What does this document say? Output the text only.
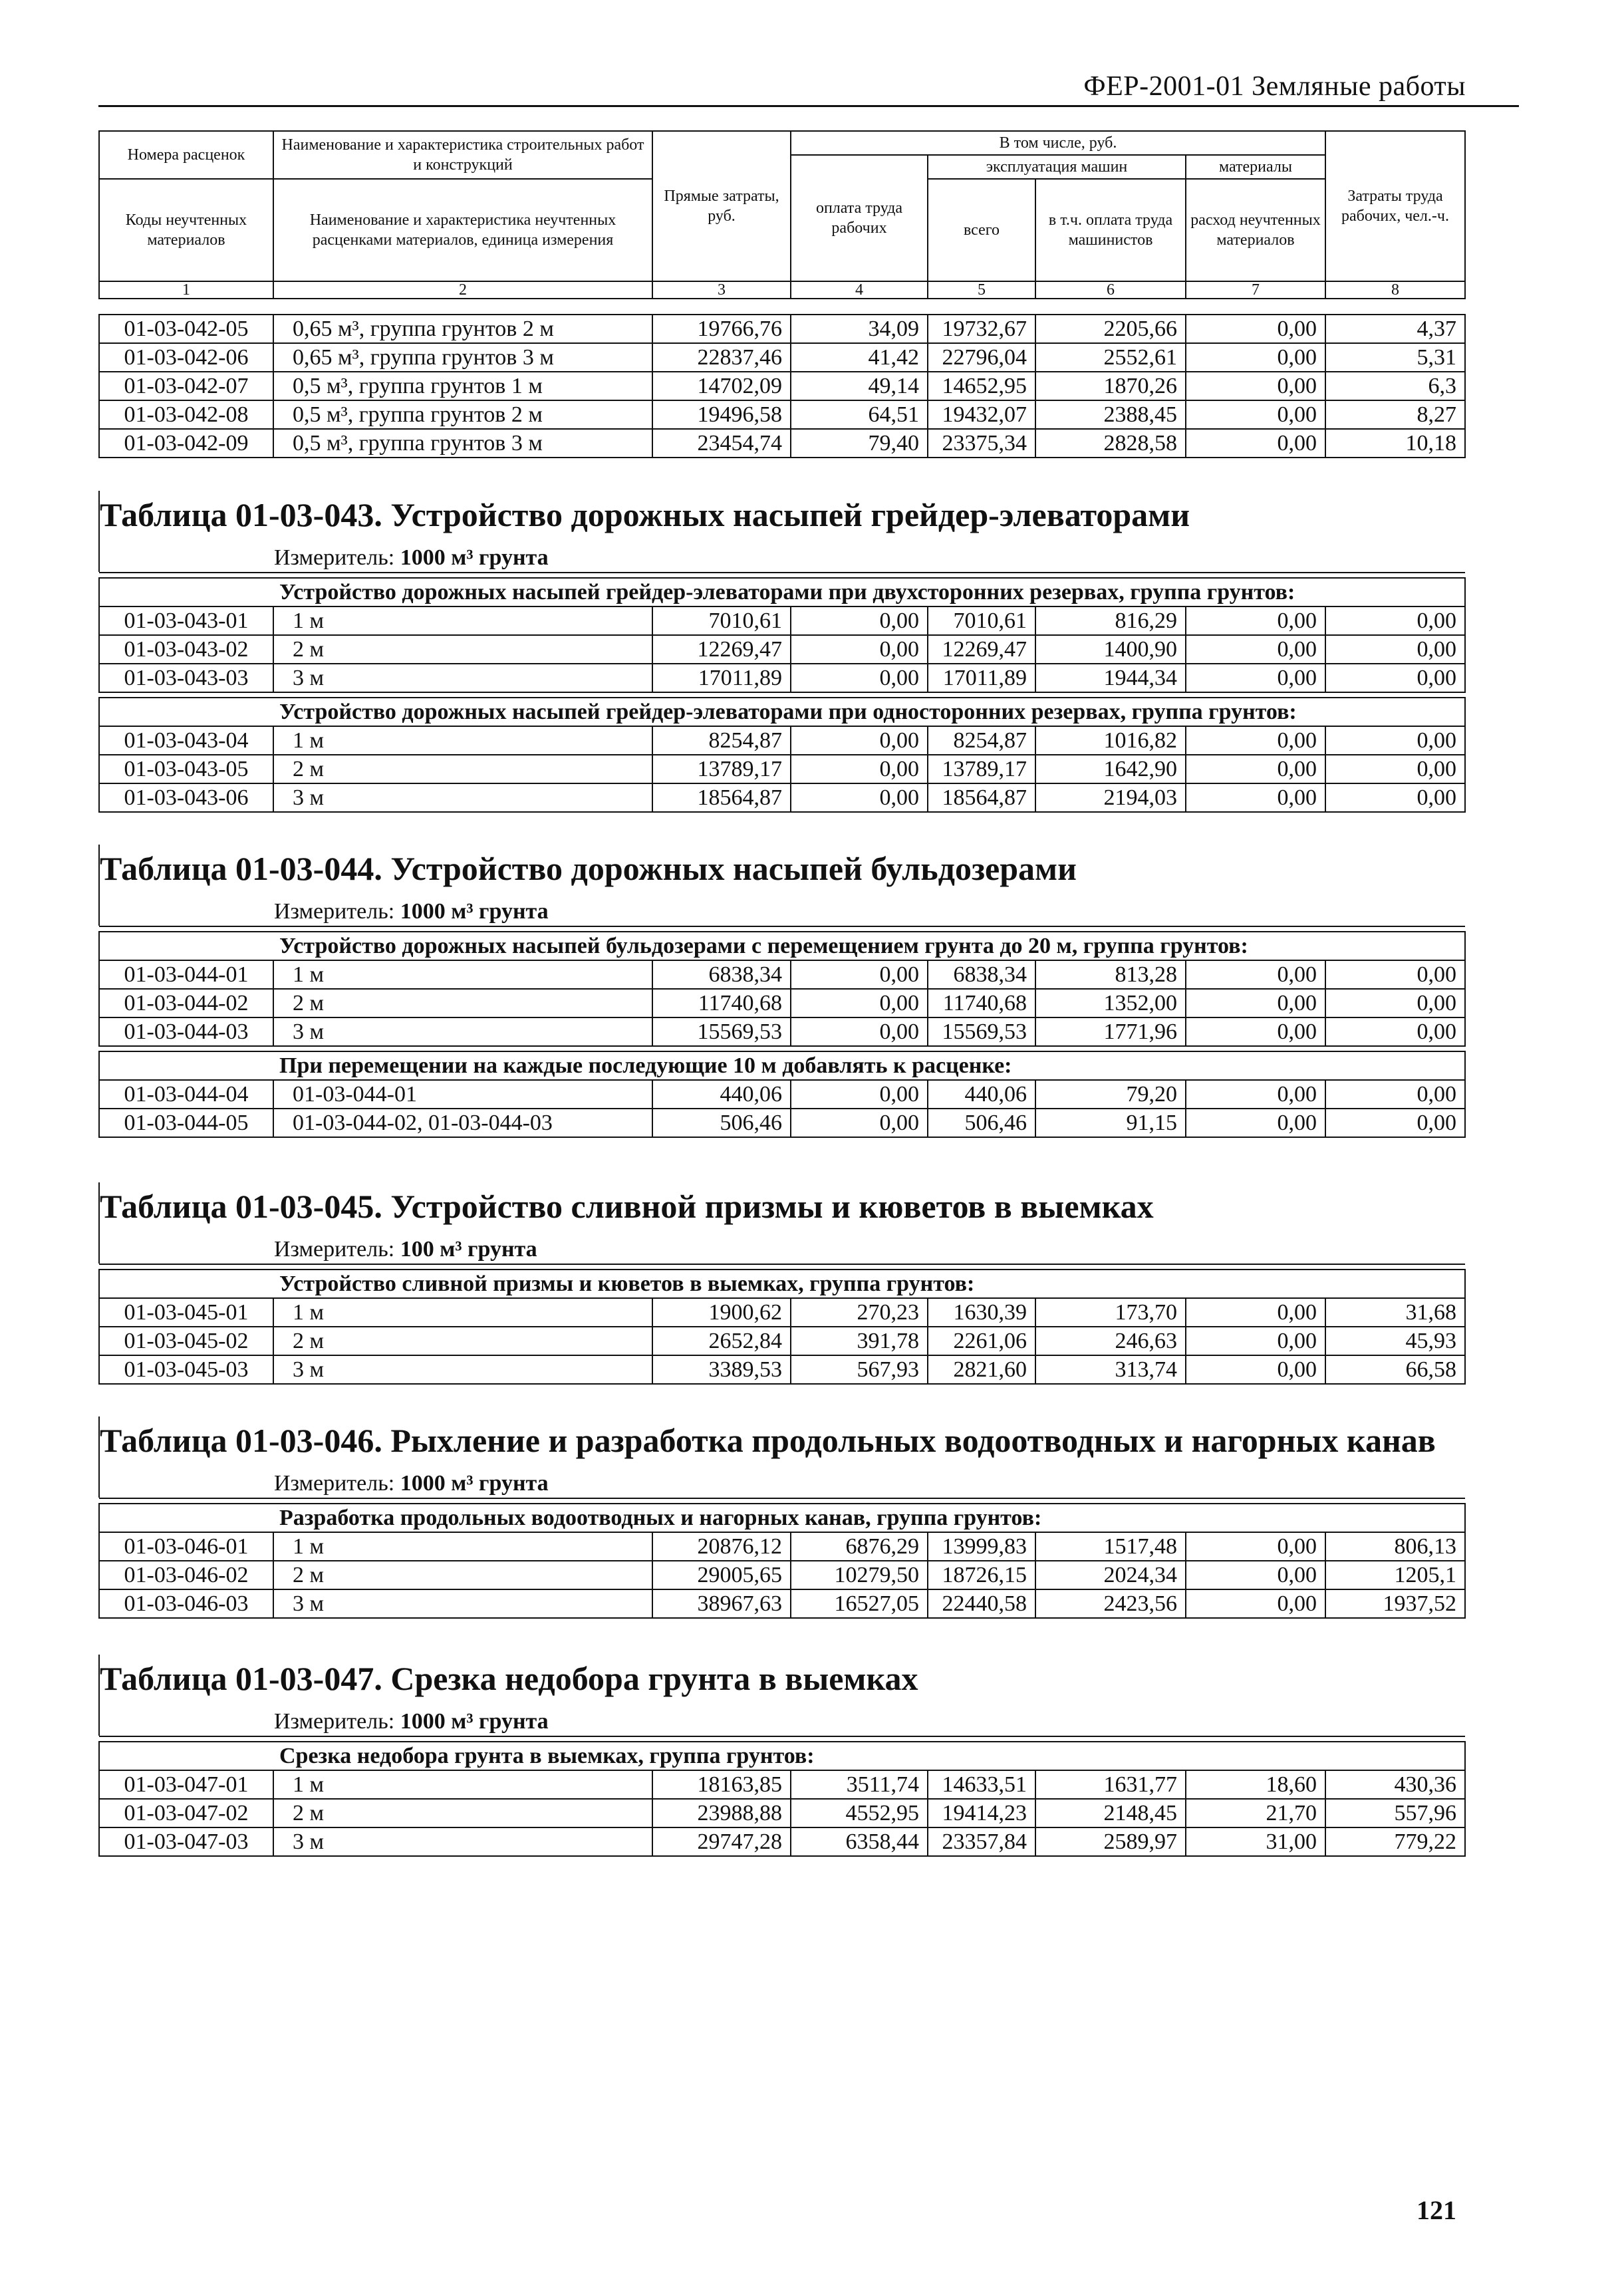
ФЕР-2001-01 Земляные работы
Номера расценок	Наименование и характеристика строительных работ и конструкций	Прямые затраты, руб.	В том числе, руб.				Затраты труда рабочих, чел.-ч.
			оплата труда рабочих	эксплуатация машин		материалы	
Коды неучтенных материалов	Наименование и характеристика неучтенных расценками материалов, единица измерения			всего	в т.ч. оплата труда машинистов	расход неучтенных материалов	

1	2	3	4	5	6	7	8
01-03-042-05	0,65 м³, группа грунтов 2 м	19766,76	34,09	19732,67	2205,66	0,00	4,37
01-03-042-06	0,65 м³, группа грунтов 3 м	22837,46	41,42	22796,04	2552,61	0,00	5,31
01-03-042-07	0,5 м³, группа грунтов 1 м	14702,09	49,14	14652,95	1870,26	0,00	6,3
01-03-042-08	0,5 м³, группа грунтов 2 м	19496,58	64,51	19432,07	2388,45	0,00	8,27
01-03-042-09	0,5 м³, группа грунтов 3 м	23454,74	79,40	23375,34	2828,58	0,00	10,18
Таблица 01-03-043. Устройство дорожных насыпей грейдер-элеваторами
Измеритель: 1000 м³ грунта

Устройство дорожных насыпей грейдер-элеваторами при двухсторонних резервах, группа грунтов:							
01-03-043-01	1 м	7010,61	0,00	7010,61	816,29	0,00	0,00
01-03-043-02	2 м	12269,47	0,00	12269,47	1400,90	0,00	0,00
01-03-043-03	3 м	17011,89	0,00	17011,89	1944,34	0,00	0,00

Устройство дорожных насыпей грейдер-элеваторами при односторонних резервах, группа грунтов:							
01-03-043-04	1 м	8254,87	0,00	8254,87	1016,82	0,00	0,00
01-03-043-05	2 м	13789,17	0,00	13789,17	1642,90	0,00	0,00
01-03-043-06	3 м	18564,87	0,00	18564,87	2194,03	0,00	0,00
Таблица 01-03-044. Устройство дорожных насыпей бульдозерами
Измеритель: 1000 м³ грунта

Устройство дорожных насыпей бульдозерами с перемещением грунта до 20 м, группа грунтов:							
01-03-044-01	1 м	6838,34	0,00	6838,34	813,28	0,00	0,00
01-03-044-02	2 м	11740,68	0,00	11740,68	1352,00	0,00	0,00
01-03-044-03	3 м	15569,53	0,00	15569,53	1771,96	0,00	0,00

При перемещении на каждые последующие 10 м добавлять к расценке:							
01-03-044-04	01-03-044-01	440,06	0,00	440,06	79,20	0,00	0,00
01-03-044-05	01-03-044-02, 01-03-044-03	506,46	0,00	506,46	91,15	0,00	0,00
Таблица 01-03-045. Устройство сливной призмы и кюветов в выемках
Измеритель: 100 м³ грунта

Устройство сливной призмы и кюветов в выемках, группа грунтов:							
01-03-045-01	1 м	1900,62	270,23	1630,39	173,70	0,00	31,68
01-03-045-02	2 м	2652,84	391,78	2261,06	246,63	0,00	45,93
01-03-045-03	3 м	3389,53	567,93	2821,60	313,74	0,00	66,58
Таблица 01-03-046. Рыхление и разработка продольных водоотводных и нагорных канав
Измеритель: 1000 м³ грунта

Разработка продольных водоотводных и нагорных канав, группа грунтов:							
01-03-046-01	1 м	20876,12	6876,29	13999,83	1517,48	0,00	806,13
01-03-046-02	2 м	29005,65	10279,50	18726,15	2024,34	0,00	1205,1
01-03-046-03	3 м	38967,63	16527,05	22440,58	2423,56	0,00	1937,52
Таблица 01-03-047. Срезка недобора грунта в выемках
Измеритель: 1000 м³ грунта

Срезка недобора грунта в выемках, группа грунтов:							
01-03-047-01	1 м	18163,85	3511,74	14633,51	1631,77	18,60	430,36
01-03-047-02	2 м	23988,88	4552,95	19414,23	2148,45	21,70	557,96
01-03-047-03	3 м	29747,28	6358,44	23357,84	2589,97	31,00	779,22
121
